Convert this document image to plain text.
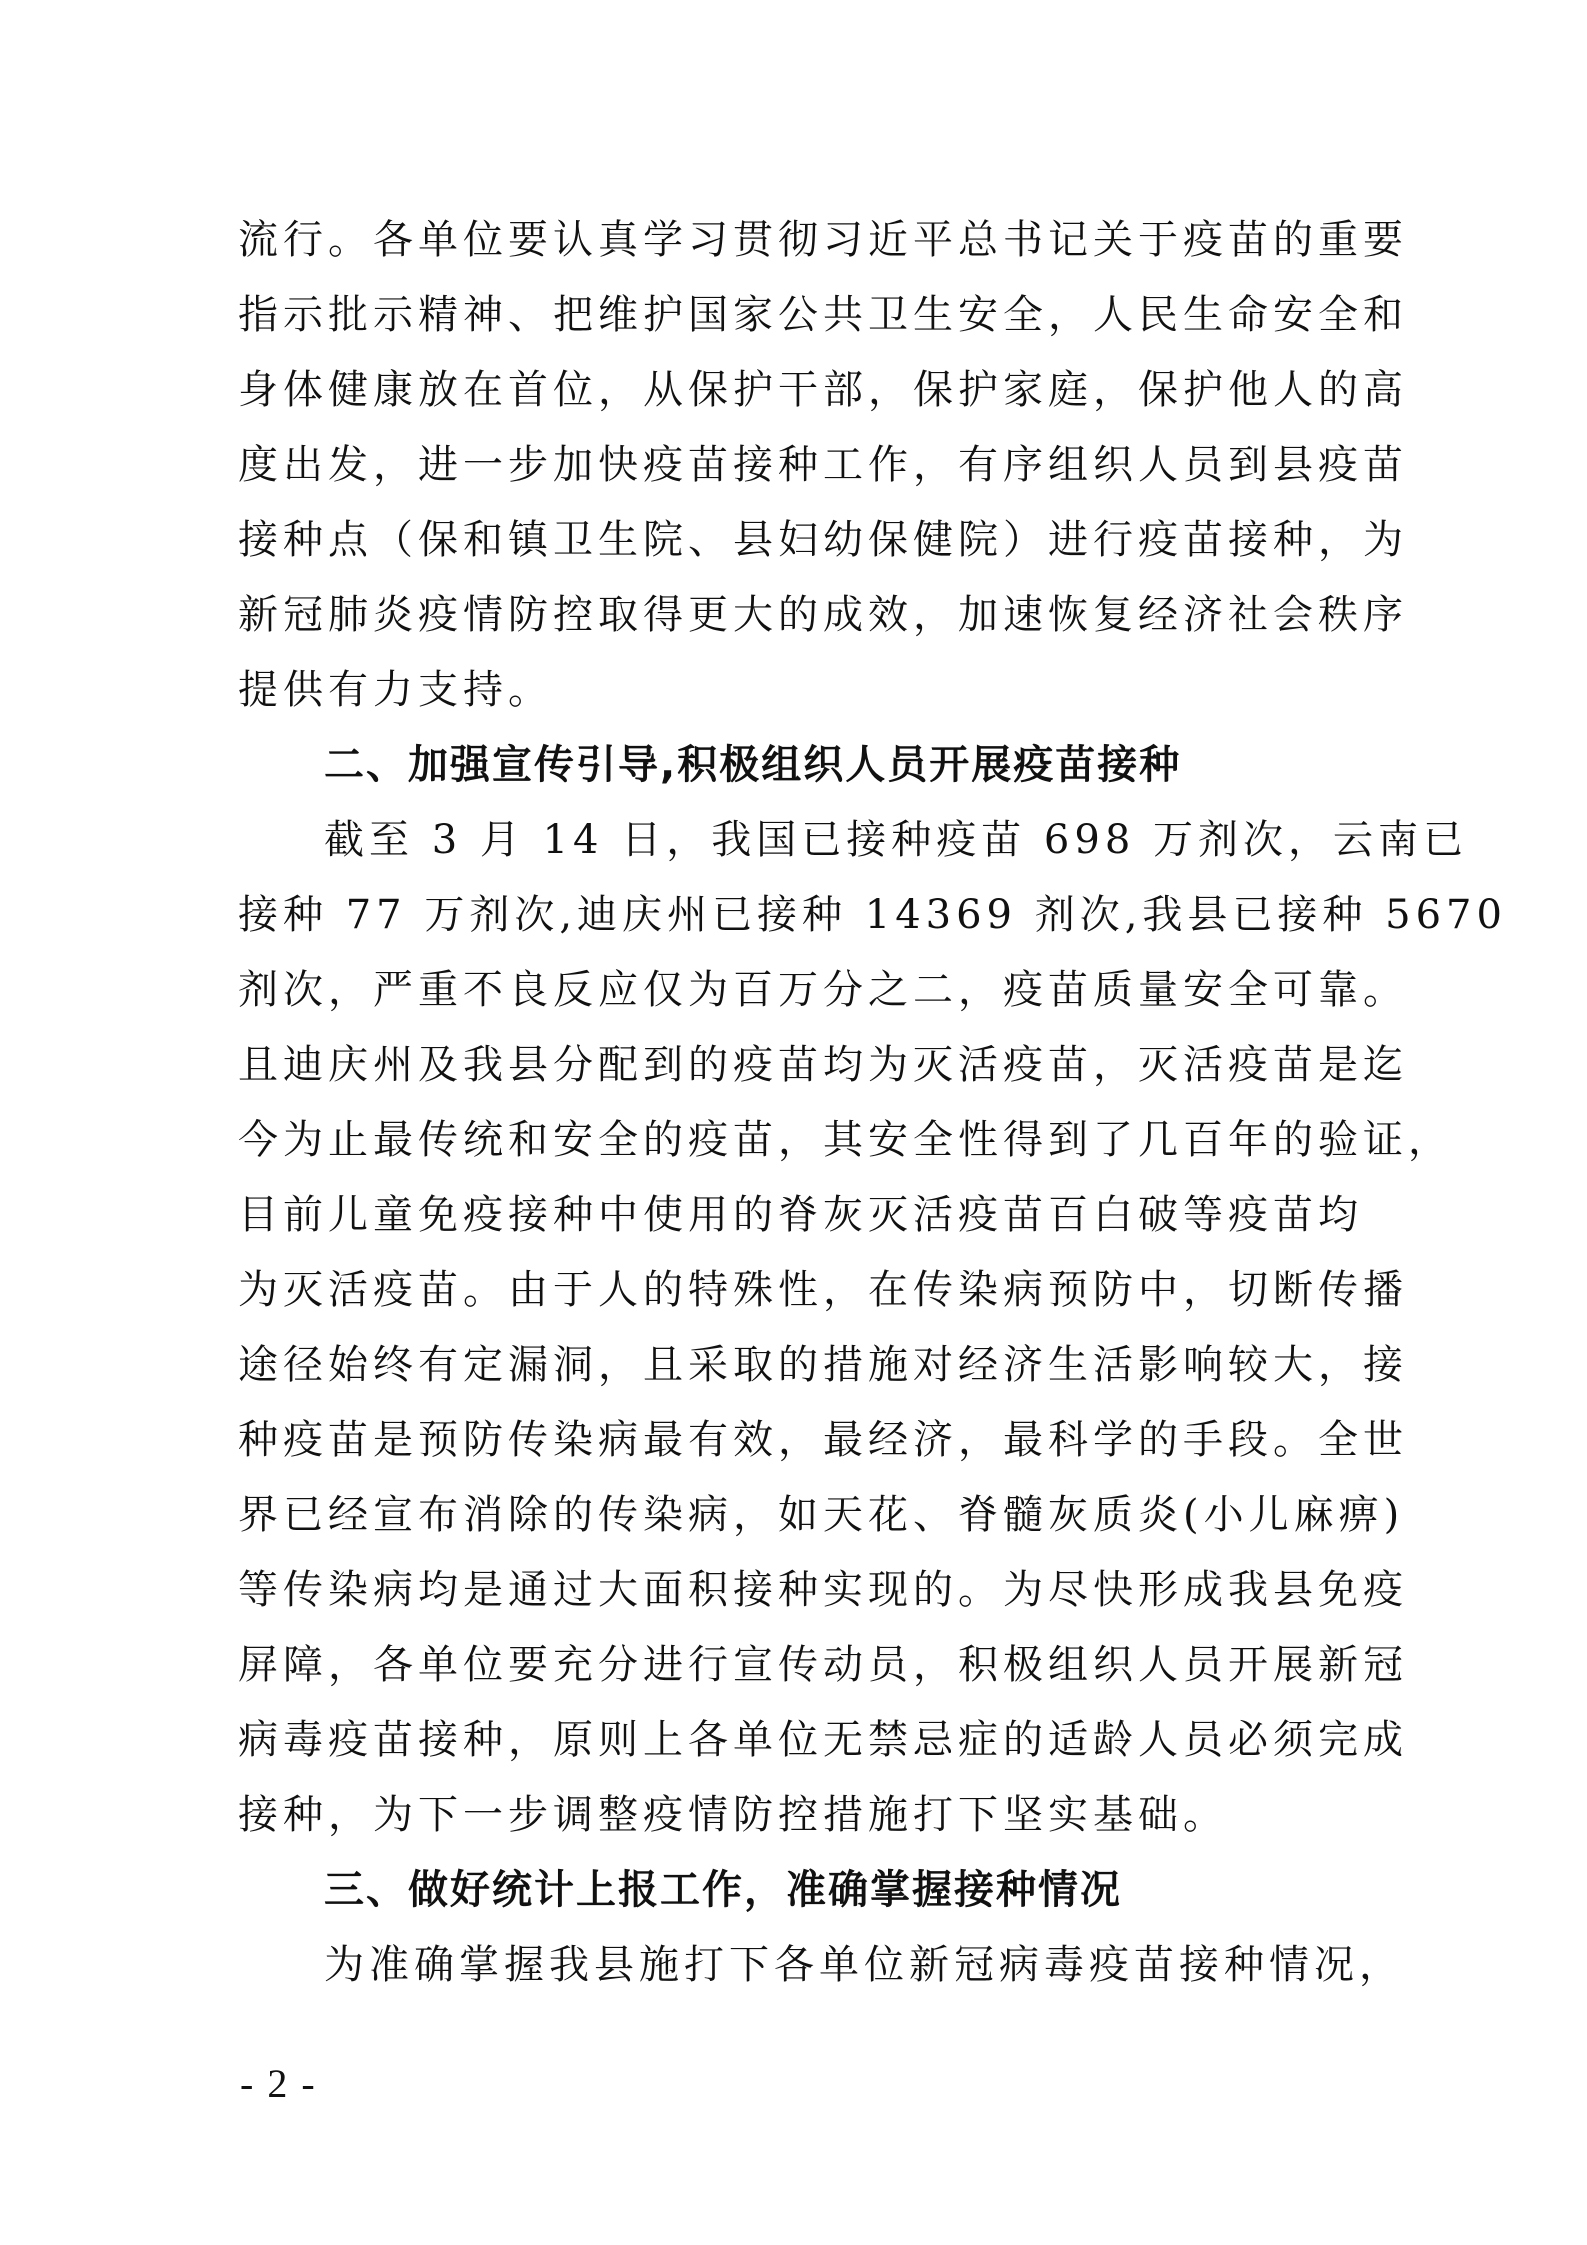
流行。各单位要认真学习贯彻习近平总书记关于疫苗的重要
指示批示精神、把维护国家公共卫生安全，人民生命安全和
身体健康放在首位，从保护干部，保护家庭，保护他人的高
度出发，进一步加快疫苗接种工作，有序组织人员到县疫苗
接种点（保和镇卫生院、县妇幼保健院）进行疫苗接种，为
新冠肺炎疫情防控取得更大的成效，加速恢复经济社会秩序
提供有力支持。
二、加强宣传引导,积极组织人员开展疫苗接种
截至 3 月 14 日，我国已接种疫苗 698 万剂次，云南已
接种 77 万剂次,迪庆州已接种 14369 剂次,我县已接种 5670
剂次，严重不良反应仅为百万分之二，疫苗质量安全可靠。
且迪庆州及我县分配到的疫苗均为灭活疫苗，灭活疫苗是迄
今为止最传统和安全的疫苗，其安全性得到了几百年的验证，
目前儿童免疫接种中使用的脊灰灭活疫苗百白破等疫苗均
为灭活疫苗。由于人的特殊性，在传染病预防中，切断传播
途径始终有定漏洞，且采取的措施对经济生活影响较大，接
种疫苗是预防传染病最有效，最经济，最科学的手段。全世
界已经宣布消除的传染病，如天花、脊髓灰质炎(小儿麻痹)
等传染病均是通过大面积接种实现的。为尽快形成我县免疫
屏障，各单位要充分进行宣传动员，积极组织人员开展新冠
病毒疫苗接种，原则上各单位无禁忌症的适龄人员必须完成
接种，为下一步调整疫情防控措施打下坚实基础。
三、做好统计上报工作，准确掌握接种情况
为准确掌握我县施打下各单位新冠病毒疫苗接种情况，
- 2 -
